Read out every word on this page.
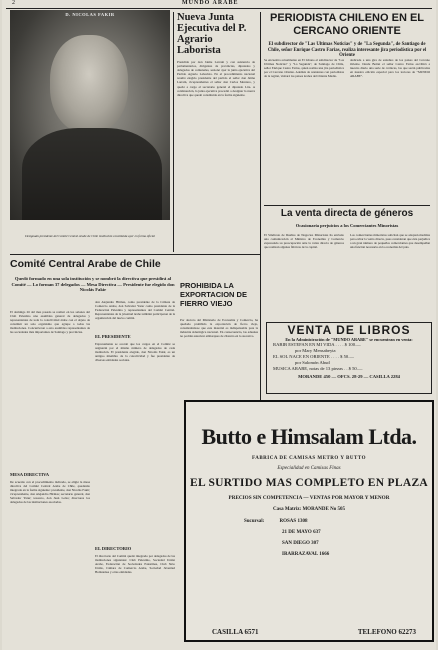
2	MUNDO ARABE
D. NICOLAS FAKIR
Designado presidente del Comité Central Arabe de Chile institución constituida ayer en forma oficial
Nueva Junta Ejecutiva del P. Agrario Laborista
Presidida por don Jaime Larrain y con asistencia de parlamentarios, dirigentes de provincias, diputados y delegados de comunales, sesionó ayer la junta ejecutiva del Partido Agrario Laborista. En el procedimiento nacional resultó elegido presidente del partido el señor don Jaime Larrain, vicepresidentes el señor don Carlos Montero, y quedó a cargo el secretario general el diputado Lira. A continuación, la junta ejecutiva procedió a designar la nueva directiva que quedó constituida en la forma siguiente.
PERIODISTA CHILENO EN EL CERCANO ORIENTE
El subdirector de "Las Ultimas Noticias" y de "La Segunda", de Santiago de Chile, señor Enrique Castro Farias, realiza interesante jira periodística por el Oriente
Se encuentra actualmente en El Líbano el subdirector de "Las Ultimas Noticias" y "La Segunda", de Santiago de Chile, señor Enrique Castro Farias, quien realiza una jira periodística por el Cercano Oriente. Además de reuniones con periodistas de la región, visitará los países árabes del Oriente Medio.
dedicada a una gira de estudios de los países del Cercano Oriente. Desde Beirut el señor Castro Farías escribirá a nuestro diario una serie de crónicas, las que serán publicadas en nuestra edición especial para los lectores de "MUNDO ARABE".
La venta directa de géneros
Ocasionaría perjuicios a los Comerciantes Minoristas
El Sindicato de Dueños de Negocios Minoristas ha enviado una comunicación al Ministro de Economía y Comercio expresando su preocupación ante la venta directa de géneros que realizan algunas fábricas de la capital.
Los comerciantes minoristas solicitan que se adopten medidas para evitar la venta directa, pues consideran que ésta perjudica a un gran número de pequeños comerciantes que desempeñan una función necesaria en la economía del país.
Comité Central Arabe de Chile
Quedó formado en una sola institución y se nombró la directiva que presidirá al Comité — Lo forman 37 delegados — Mesa Directiva — Presidente fue elegido don Nicolás Fakir
El domingo 26 del mes pasado se realizó en los salones del Club Palestino una asamblea general de delegados y representantes de toda la colectividad árabe con el objeto de constituir un solo organismo que agrupe a todas las instituciones. Concurrieron a esta asamblea representantes de las sociedades más importantes de Santiago y provincias.
don Alejandro Hirmas, como presidente de la Cámara de Comercio Arabe, don Salvador Yarur como presidente de la Federación Palestina y representantes del Comité Central. Representantes de la juventud árabe también participaron de la organización del nuevo comité.
EL PRESIDENTE
Expresamente se acordó que los cargos en el Comité se asignarán por el mismo número de delegados de cada institución. El presidente elegido, don Nicolás Fakir, es un antiguo miembro de la colectividad y fue presidente de diversas entidades sociales.
MESA DIRECTIVA
De acuerdo con el procedimiento indicado, se eligió la mesa directiva del Comité Central Arabe de Chile, quedando integrada en la forma siguiente: presidente, don Nicolás Fakir; vicepresidente, don Alejandro Hirmas; secretario general, don Salvador Yarur; tesorero, don Juan Lolas; directores los delegados de las instituciones asociadas.
EL DIRECTORIO
El directorio del Comité quedó integrado por delegados de las instituciones siguientes: Club Palestino, Sociedad Unión Arabe, Federación de Sociedades Palestinas, Club Sirio Unido, Cámara de Comercio Arabe, Sociedad Juventud Homsiense y otras entidades.
PROHIBIDA LA EXPORTACION DE FIERRO VIEJO
Por decreto del Ministerio de Economía y Comercio, ha quedado prohibida la exportación de fierro viejo, considerándose que este material es indispensable para la industria siderúrgica nacional. En consecuencia, las aduanas no podrán autorizar embarques de chatarra en lo sucesivo.	VENTA DE LIBROS
En la Administración de "MUNDO ARABE" se encuentran en venta:
RABIB ESTEFAN EN MI VIDA . . . . $ 100.—
por Mary Mensabeyta
EL SOL NACE EN ORIENTE . . . . $ 50.—
por Salomón Abud
MUSICA ARABE, notas de 13 piezas . . $ 50.—
MORANDE 450 — OFCS. 28-29 — CASILLA 2284
Butto e Himsalam Ltda.
FABRICA DE CAMISAS METRO Y BUTTO
Especialidad en Camisas Finas
EL SURTIDO MAS COMPLETO EN PLAZA
PRECIOS SIN COMPETENCIA — VENTAS POR MAYOR Y MENOR
Casa Matriz: MORANDE No 505
Sucursal:	ROSAS 1308
21 DE MAYO 637
SAN DIEGO 307
IRARRAZAVAL 1666
CASILLA 6571	TELEFONO 62273
